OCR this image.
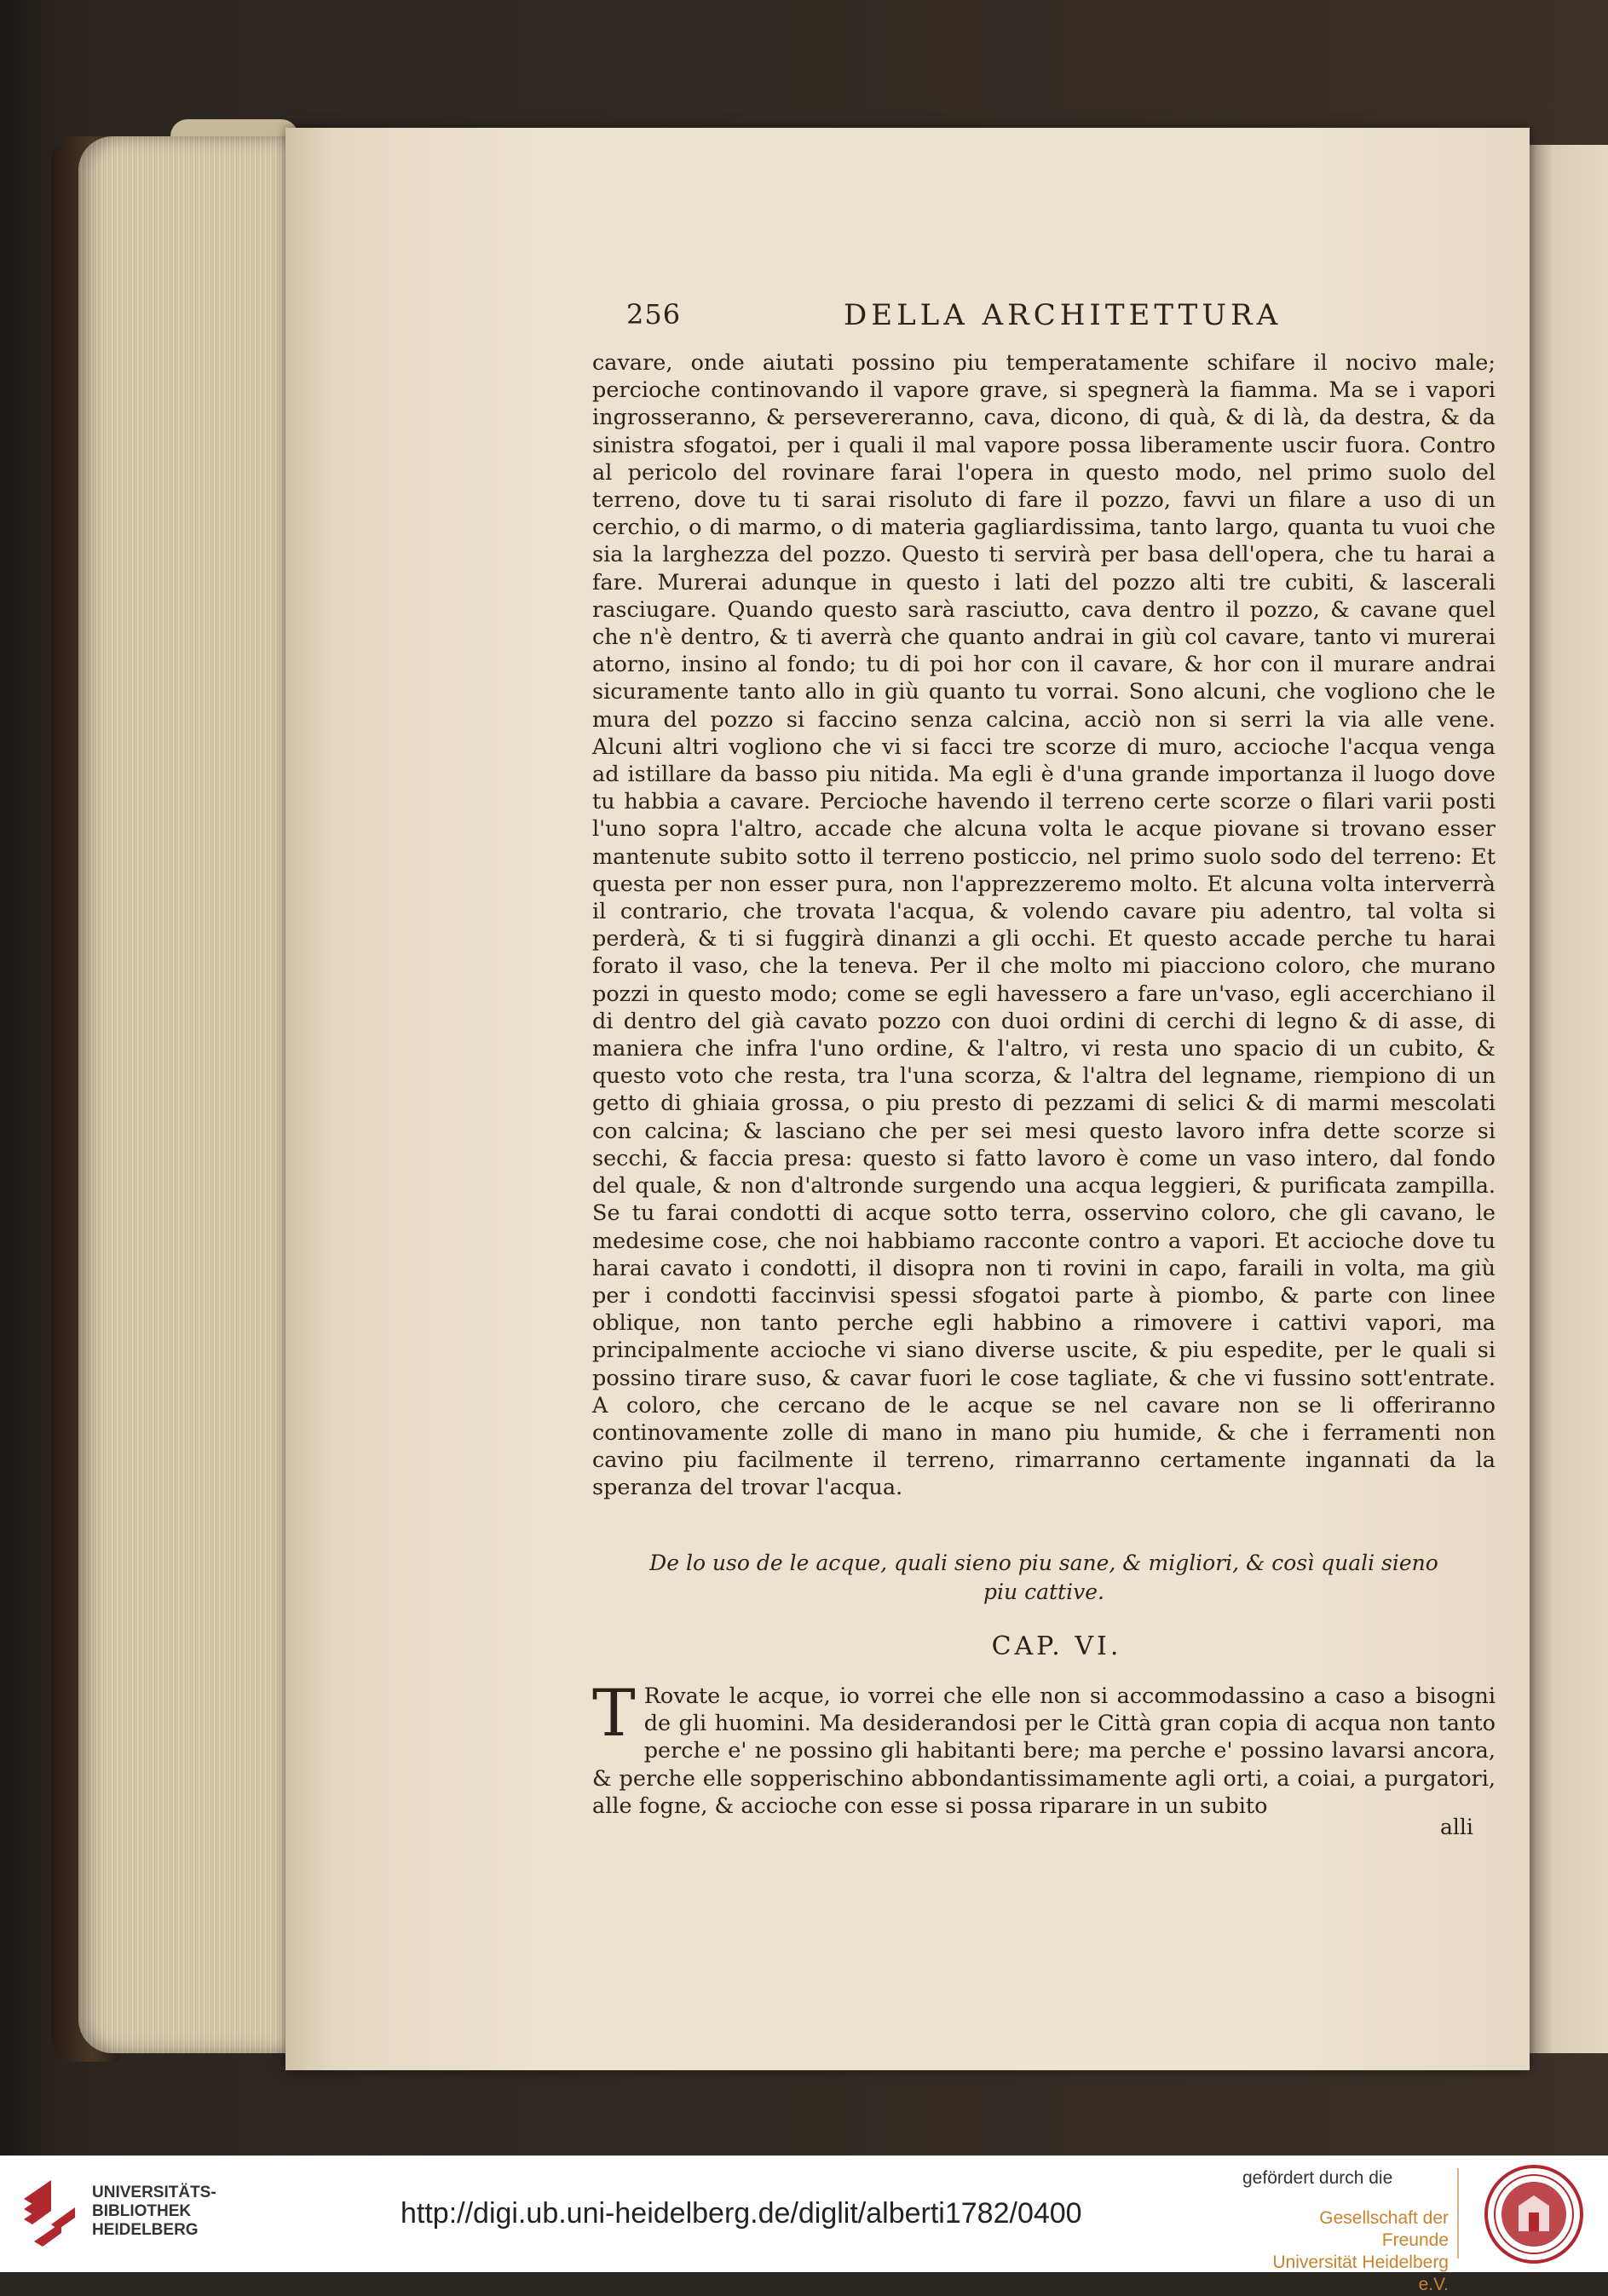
256	DELLA ARCHITETTURA

cavare, onde aiutati possino piu temperatamente schifare il nocivo male; percioche continovando il vapore grave, si spegnerà la fiamma. Ma se i vapori ingrosseranno, & persevereranno, cava, dicono, di quà, & di là, da destra, & da sinistra sfogatoi, per i quali il mal vapore possa liberamente uscir fuora. Contro al pericolo del rovinare farai l'opera in questo modo, nel primo suolo del terreno, dove tu ti sarai risoluto di fare il pozzo, favvi un filare a uso di un cerchio, o di marmo, o di materia gagliardissima, tanto largo, quanta tu vuoi che sia la larghezza del pozzo. Questo ti servirà per basa dell'opera, che tu harai a fare. Murerai adunque in questo i lati del pozzo alti tre cubiti, & lascerali rasciugare. Quando questo sarà rasciutto, cava dentro il pozzo, & cavane quel che n'è dentro, & ti averrà che quanto andrai in giù col cavare, tanto vi murerai atorno, insino al fondo; tu di poi hor con il cavare, & hor con il murare andrai sicuramente tanto allo in giù quanto tu vorrai. Sono alcuni, che vogliono che le mura del pozzo si faccino senza calcina, acciò non si serri la via alle vene. Alcuni altri vogliono che vi si facci tre scorze di muro, accioche l'acqua venga ad istillare da basso piu nitida. Ma egli è d'una grande importanza il luogo dove tu habbia a cavare. Percioche havendo il terreno certe scorze o filari varii posti l'uno sopra l'altro, accade che alcuna volta le acque piovane si trovano esser mantenute subito sotto il terreno posticcio, nel primo suolo sodo del terreno: Et questa per non esser pura, non l'apprezzeremo molto. Et alcuna volta interverrà il contrario, che trovata l'acqua, & volendo cavare piu adentro, tal volta si perderà, & ti si fuggirà dinanzi a gli occhi. Et questo accade perche tu harai forato il vaso, che la teneva. Per il che molto mi piacciono coloro, che murano pozzi in questo modo; come se egli havessero a fare un'vaso, egli accerchiano il di dentro del già cavato pozzo con duoi ordini di cerchi di legno & di asse, di maniera che infra l'uno ordine, & l'altro, vi resta uno spacio di un cubito, & questo voto che resta, tra l'una scorza, & l'altra del legname, riempiono di un getto di ghiaia grossa, o piu presto di pezzami di selici & di marmi mescolati con calcina; & lasciano che per sei mesi questo lavoro infra dette scorze si secchi, & faccia presa: questo si fatto lavoro è come un vaso intero, dal fondo del quale, & non d'altronde surgendo una acqua leggieri, & purificata zampilla. Se tu farai condotti di acque sotto terra, osservino coloro, che gli cavano, le medesime cose, che noi habbiamo racconte contro a vapori. Et accioche dove tu harai cavato i condotti, il disopra non ti rovini in capo, faraili in volta, ma giù per i condotti faccinvisi spessi sfogatoi parte à piombo, & parte con linee oblique, non tanto perche egli habbino a rimovere i cattivi vapori, ma principalmente accioche vi siano diverse uscite, & piu espedite, per le quali si possino tirare suso, & cavar fuori le cose tagliate, & che vi fussino sott'entrate. A coloro, che cercano de le acque se nel cavare non se li offeriranno continovamente zolle di mano in mano piu humide, & che i ferramenti non cavino piu facilmente il terreno, rimarranno certamente ingannati da la speranza del trovar l'acqua.

De lo uso de le acque, quali sieno piu sane, & migliori, & così quali sieno
piu cattive.

CAP. VI.

T Rovate le acque, io vorrei che elle non si accommodassino a caso a bisogni de gli huomini. Ma desiderandosi per le Città gran copia di acqua non tanto perche e' ne possino gli habitanti bere; ma perche e' possino lavarsi ancora, & perche elle sopperischino abbondantissimamente agli orti, a coiai, a purgatori, alle fogne, & accioche con esse si possa riparare in un subito

alli
UNIVERSITÄTS-
BIBLIOTHEK
HEIDELBERG
http://digi.ub.uni-heidelberg.de/diglit/alberti1782/0400
gefördert durch die
Gesellschaft der Freunde
Universität Heidelberg e.V.
